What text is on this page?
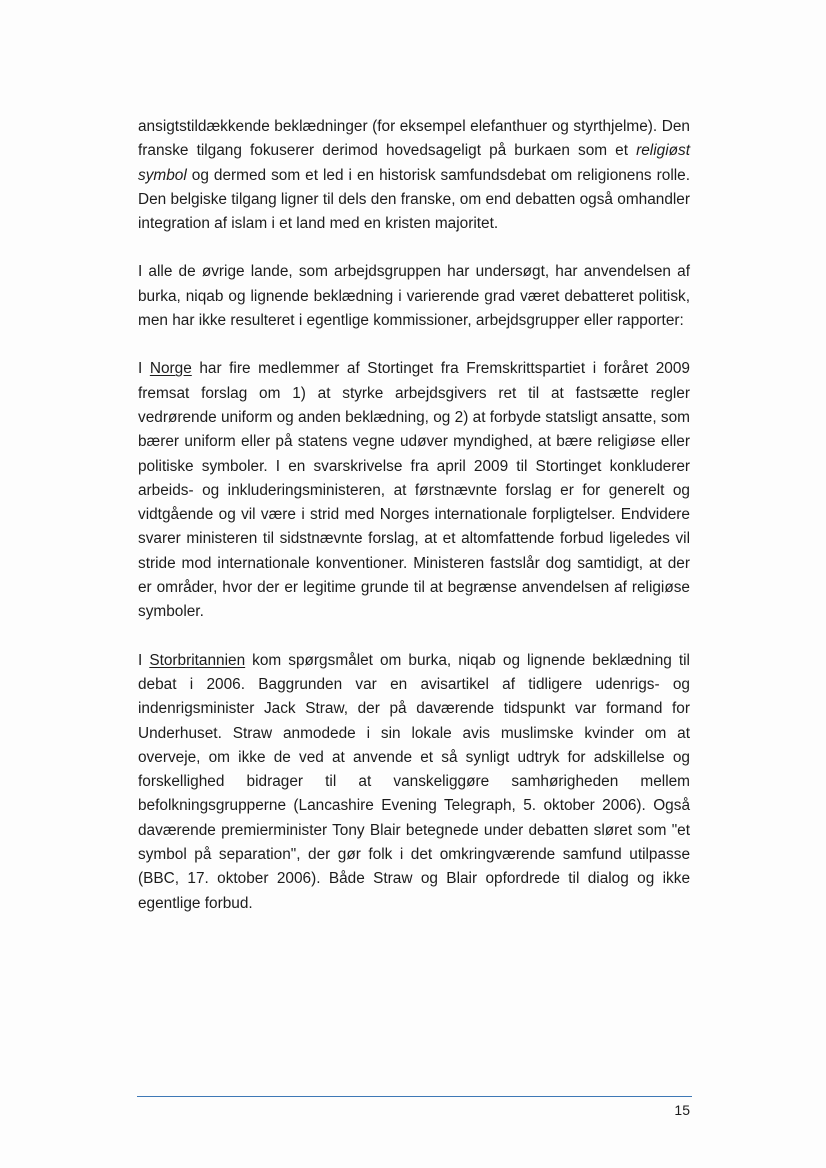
ansigtstildækkende beklædninger (for eksempel elefanthuer og styrthjelme). Den franske tilgang fokuserer derimod hovedsageligt på burkaen som et religiøst symbol og dermed som et led i en historisk samfundsdebat om religionens rolle. Den belgiske tilgang ligner til dels den franske, om end debatten også omhandler integration af islam i et land med en kristen majoritet.

I alle de øvrige lande, som arbejdsgruppen har undersøgt, har anvendelsen af burka, niqab og lignende beklædning i varierende grad været debatteret politisk, men har ikke resulteret i egentlige kommissioner, arbejdsgrupper eller rapporter:

I Norge har fire medlemmer af Stortinget fra Fremskrittspartiet i foråret 2009 fremsat forslag om 1) at styrke arbejdsgivers ret til at fastsætte regler vedrørende uniform og anden beklædning, og 2) at forbyde statsligt ansatte, som bærer uniform eller på statens vegne udøver myndighed, at bære religiøse eller politiske symboler. I en svarskrivelse fra april 2009 til Stortinget konkluderer arbeids- og inkluderingsministeren, at førstnævnte forslag er for generelt og vidtgående og vil være i strid med Norges internationale forpligtelser. Endvidere svarer ministeren til sidstnævnte forslag, at et altomfattende forbud ligeledes vil stride mod internationale konventioner. Ministeren fastslår dog samtidigt, at der er områder, hvor der er legitime grunde til at begrænse anvendelsen af religiøse symboler.

I Storbritannien kom spørgsmålet om burka, niqab og lignende beklædning til debat i 2006. Baggrunden var en avisartikel af tidligere udenrigs- og indenrigsminister Jack Straw, der på daværende tidspunkt var formand for Underhuset. Straw anmodede i sin lokale avis muslimske kvinder om at overveje, om ikke de ved at anvende et så synligt udtryk for adskillelse og forskellighed bidrager til at vanskeliggøre samhørigheden mellem befolkningsgrupperne (Lancashire Evening Telegraph, 5. oktober 2006). Også daværende premierminister Tony Blair betegnede under debatten sløret som "et symbol på separation", der gør folk i det omkringværende samfund utilpasse (BBC, 17. oktober 2006). Både Straw og Blair opfordrede til dialog og ikke egentlige forbud.

15
